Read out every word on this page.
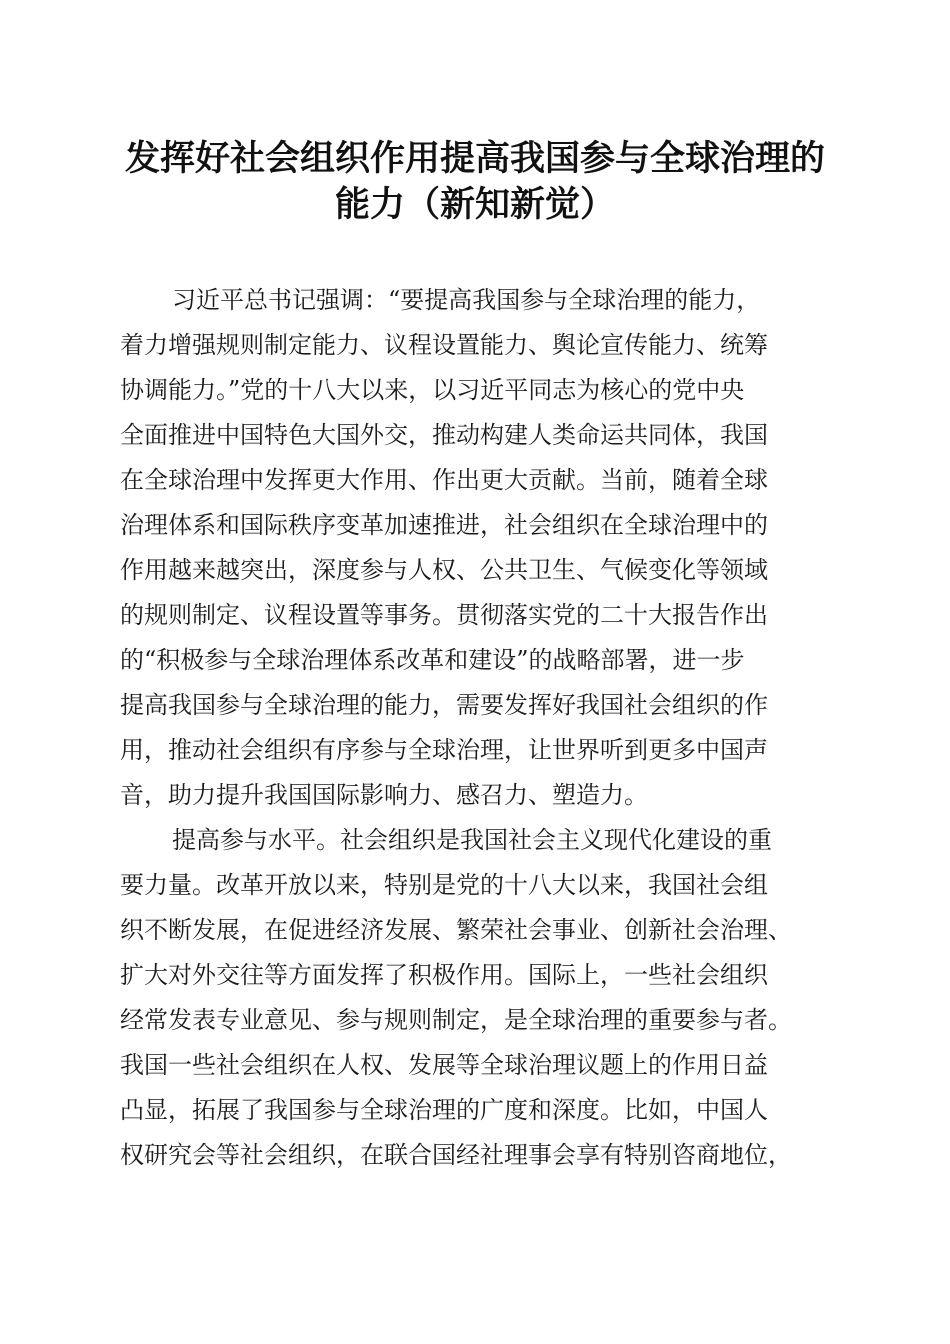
发挥好社会组织作用提高我国参与全球治理的
能力（新知新觉）
习近平总书记强调：“要提高我国参与全球治理的能力，
着力增强规则制定能力、议程设置能力、舆论宣传能力、统筹
协调能力。”党的十八大以来，以习近平同志为核心的党中央
全面推进中国特色大国外交，推动构建人类命运共同体，我国
在全球治理中发挥更大作用、作出更大贡献。当前，随着全球
治理体系和国际秩序变革加速推进，社会组织在全球治理中的
作用越来越突出，深度参与人权、公共卫生、气候变化等领域
的规则制定、议程设置等事务。贯彻落实党的二十大报告作出
的“积极参与全球治理体系改革和建设”的战略部署，进一步
提高我国参与全球治理的能力，需要发挥好我国社会组织的作
用，推动社会组织有序参与全球治理，让世界听到更多中国声
音，助力提升我国国际影响力、感召力、塑造力。
提高参与水平。社会组织是我国社会主义现代化建设的重
要力量。改革开放以来，特别是党的十八大以来，我国社会组
织不断发展，在促进经济发展、繁荣社会事业、创新社会治理、
扩大对外交往等方面发挥了积极作用。国际上，一些社会组织
经常发表专业意见、参与规则制定，是全球治理的重要参与者。
我国一些社会组织在人权、发展等全球治理议题上的作用日益
凸显，拓展了我国参与全球治理的广度和深度。比如，中国人
权研究会等社会组织，在联合国经社理事会享有特别咨商地位，
